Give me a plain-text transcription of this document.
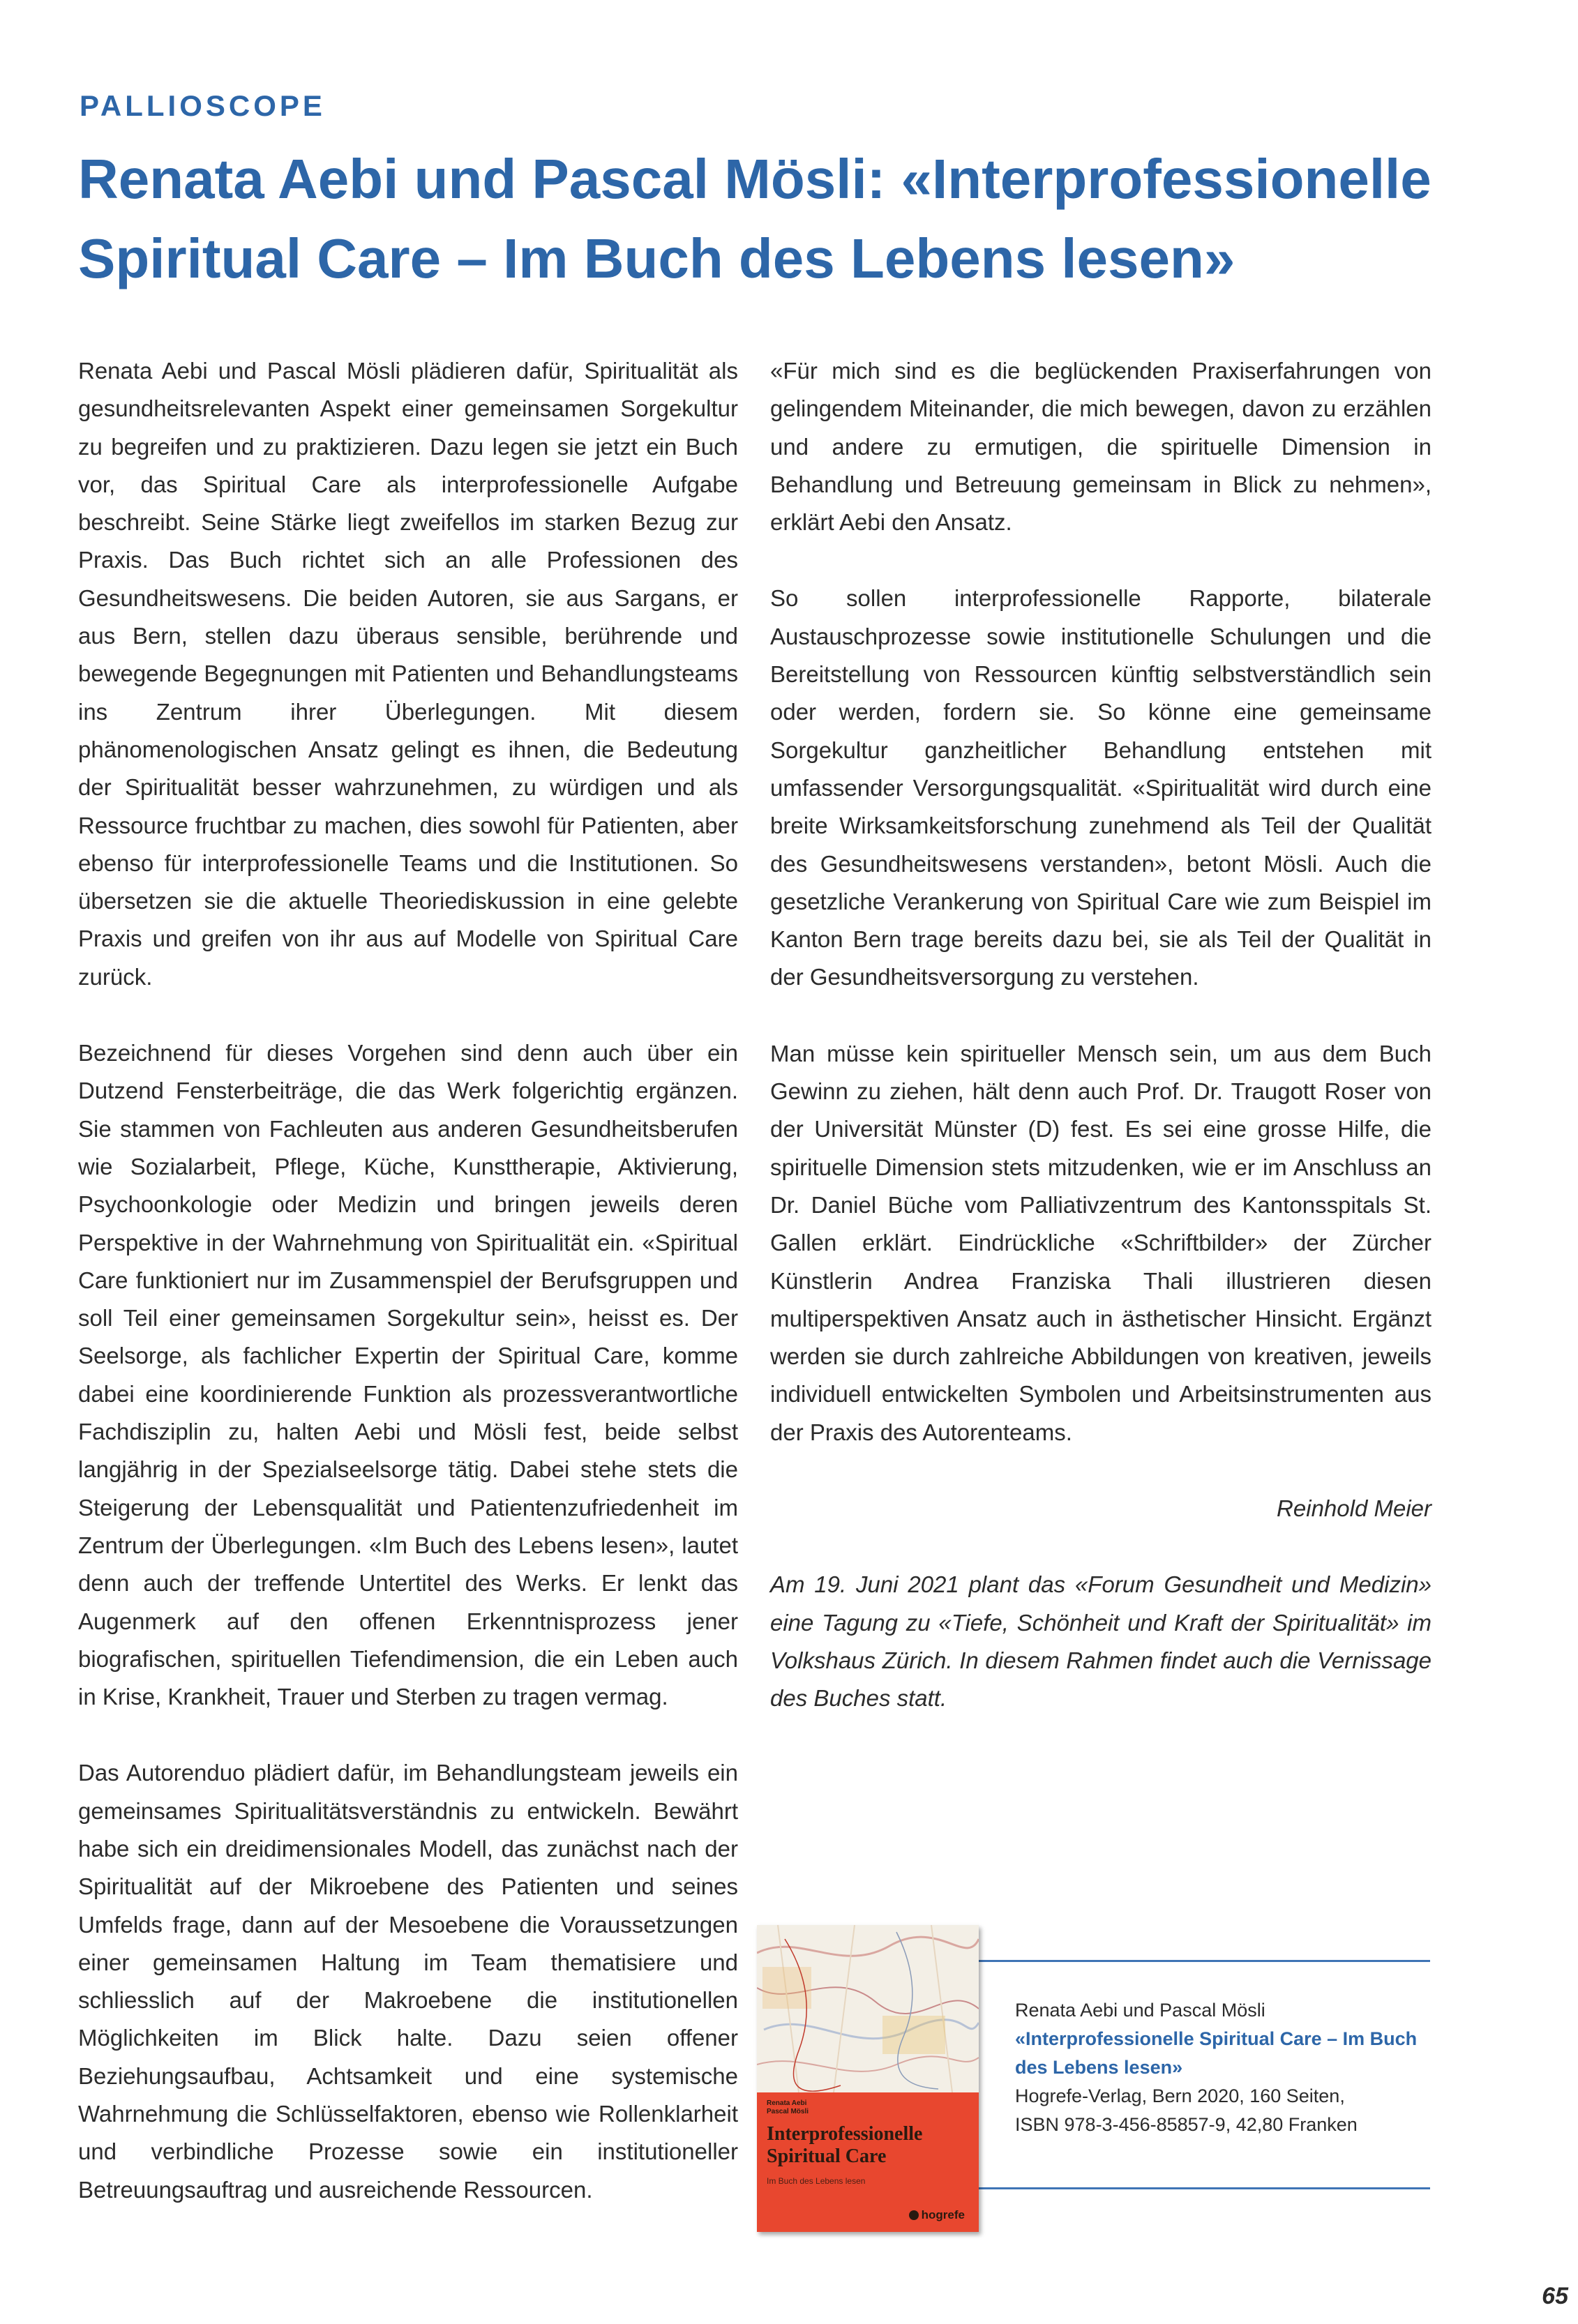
PALLIOSCOPE
Renata Aebi und Pascal Mösli: «Interprofessionelle Spiritual Care – Im Buch des Lebens lesen»

Renata Aebi und Pascal Mösli plädieren dafür, Spiritualität als gesundheitsrelevanten Aspekt einer gemeinsamen Sorgekultur zu begreifen und zu praktizieren. Dazu legen sie jetzt ein Buch vor, das Spiritual Care als interprofessionelle Aufgabe beschreibt. Seine Stärke liegt zweifellos im starken Bezug zur Praxis. Das Buch richtet sich an alle Professionen des Gesundheitswesens. Die beiden Autoren, sie aus Sargans, er aus Bern, stellen dazu überaus sensible, berührende und bewegende Begegnungen mit Patienten und Behandlungsteams ins Zentrum ihrer Überlegungen. Mit diesem phänomenologischen Ansatz gelingt es ihnen, die Bedeutung der Spiritualität besser wahrzunehmen, zu würdigen und als Ressource fruchtbar zu machen, dies sowohl für Patienten, aber ebenso für interprofessionelle Teams und die Institutionen. So übersetzen sie die aktuelle Theoriediskussion in eine gelebte Praxis und greifen von ihr aus auf Modelle von Spiritual Care zurück.

Bezeichnend für dieses Vorgehen sind denn auch über ein Dutzend Fensterbeiträge, die das Werk folgerichtig ergänzen. Sie stammen von Fachleuten aus anderen Gesundheitsberufen wie Sozialarbeit, Pflege, Küche, Kunsttherapie, Aktivierung, Psychoonkologie oder Medizin und bringen jeweils deren Perspektive in der Wahrnehmung von Spiritualität ein. «Spiritual Care funktioniert nur im Zusammenspiel der Berufsgruppen und soll Teil einer gemeinsamen Sorgekultur sein», heisst es. Der Seelsorge, als fachlicher Expertin der Spiritual Care, komme dabei eine koordinierende Funktion als prozessverantwortliche Fachdisziplin zu, halten Aebi und Mösli fest, beide selbst langjährig in der Spezialseelsorge tätig. Dabei stehe stets die Steigerung der Lebensqualität und Patientenzufriedenheit im Zentrum der Überlegungen. «Im Buch des Lebens lesen», lautet denn auch der treffende Untertitel des Werks. Er lenkt das Augenmerk auf den offenen Erkenntnisprozess jener biografischen, spirituellen Tiefendimension, die ein Leben auch in Krise, Krankheit, Trauer und Sterben zu tragen vermag.

Das Autorenduo plädiert dafür, im Behandlungsteam jeweils ein gemeinsames Spiritualitätsverständnis zu entwickeln. Bewährt habe sich ein dreidimensionales Modell, das zunächst nach der Spiritualität auf der Mikroebene des Patienten und seines Umfelds frage, dann auf der Mesoebene die Voraussetzungen einer gemeinsamen Haltung im Team thematisiere und schliesslich auf der Makroebene die institutionellen Möglichkeiten im Blick halte. Dazu seien offener Beziehungsaufbau, Achtsamkeit und eine systemische Wahrnehmung die Schlüsselfaktoren, ebenso wie Rollenklarheit und verbindliche Prozesse sowie ein institutioneller Betreuungsauftrag und ausreichende Ressourcen.

«Für mich sind es die beglückenden Praxiserfahrungen von gelingendem Miteinander, die mich bewegen, davon zu erzählen und andere zu ermutigen, die spirituelle Dimension in Behandlung und Betreuung gemeinsam in Blick zu nehmen», erklärt Aebi den Ansatz.

So sollen interprofessionelle Rapporte, bilaterale Austauschprozesse sowie institutionelle Schulungen und die Bereitstellung von Ressourcen künftig selbstverständlich sein oder werden, fordern sie. So könne eine gemeinsame Sorgekultur ganzheitlicher Behandlung entstehen mit umfassender Versorgungsqualität. «Spiritualität wird durch eine breite Wirksamkeitsforschung zunehmend als Teil der Qualität des Gesundheitswesens verstanden», betont Mösli. Auch die gesetzliche Verankerung von Spiritual Care wie zum Beispiel im Kanton Bern trage bereits dazu bei, sie als Teil der Qualität in der Gesundheitsversorgung zu verstehen.

Man müsse kein spiritueller Mensch sein, um aus dem Buch Gewinn zu ziehen, hält denn auch Prof. Dr. Traugott Roser von der Universität Münster (D) fest. Es sei eine grosse Hilfe, die spirituelle Dimension stets mitzudenken, wie er im Anschluss an Dr. Daniel Büche vom Palliativzentrum des Kantonsspitals St. Gallen erklärt. Eindrückliche «Schriftbilder» der Zürcher Künstlerin Andrea Franziska Thali illustrieren diesen multiperspektiven Ansatz auch in ästhetischer Hinsicht. Ergänzt werden sie durch zahlreiche Abbildungen von kreativen, jeweils individuell entwickelten Symbolen und Arbeitsinstrumenten aus der Praxis des Autorenteams.

Reinhold Meier

Am 19. Juni 2021 plant das «Forum Gesundheit und Medizin» eine Tagung zu «Tiefe, Schönheit und Kraft der Spiritualität» im Volkshaus Zürich. In diesem Rahmen findet auch die Vernissage des Buches statt.

Renata Aebi
Pascal Mösli
Interprofessionelle Spiritual Care
Im Buch des Lebens lesen
hogrefe
Renata Aebi und Pascal Mösli
«Interprofessionelle Spiritual Care – Im Buch des Lebens lesen»
Hogrefe-Verlag, Bern 2020, 160 Seiten,
ISBN 978-3-456-85857-9, 42,80 Franken
65
